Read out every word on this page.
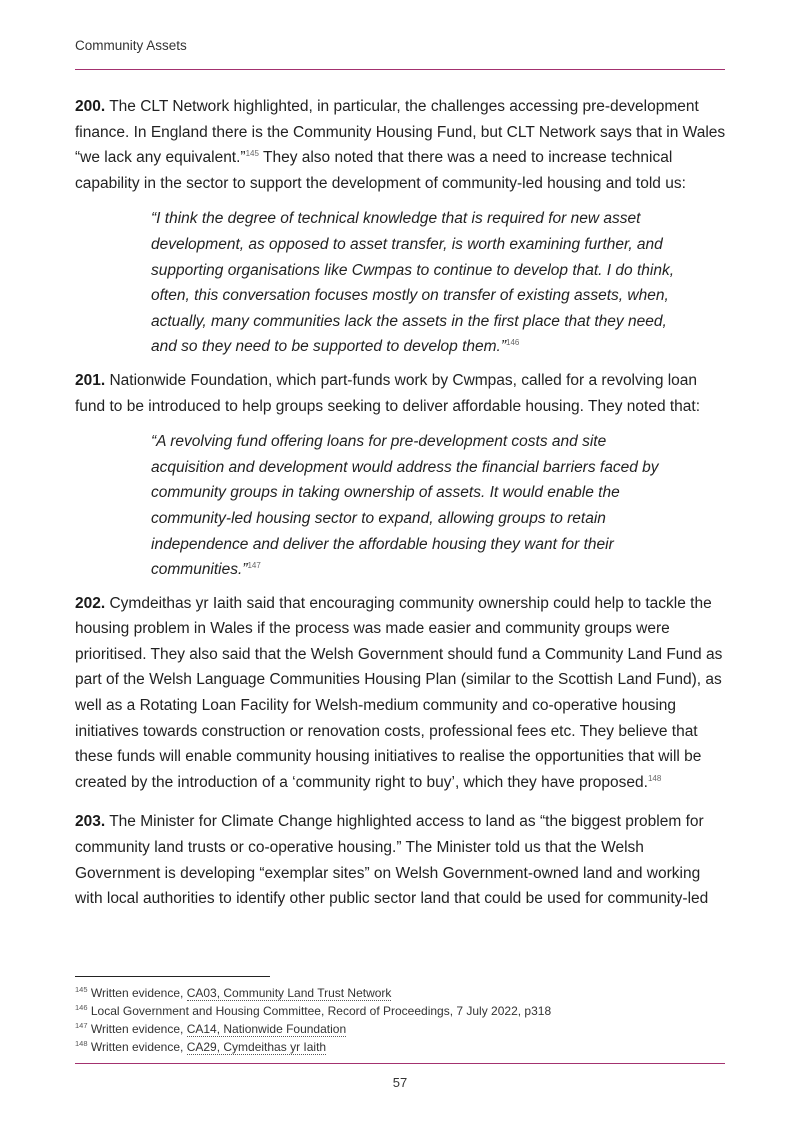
Community Assets

200. The CLT Network highlighted, in particular, the challenges accessing pre-development finance. In England there is the Community Housing Fund, but CLT Network says that in Wales “we lack any equivalent.”$^{145}$ They also noted that there was a need to increase technical capability in the sector to support the development of community-led housing and told us:

“I think the degree of technical knowledge that is required for new asset development, as opposed to asset transfer, is worth examining further, and supporting organisations like Cwmpas to continue to develop that. I do think, often, this conversation focuses mostly on transfer of existing assets, when, actually, many communities lack the assets in the first place that they need, and so they need to be supported to develop them.”$^{146}$

201. Nationwide Foundation, which part-funds work by Cwmpas, called for a revolving loan fund to be introduced to help groups seeking to deliver affordable housing. They noted that:

“A revolving fund offering loans for pre-development costs and site acquisition and development would address the financial barriers faced by community groups in taking ownership of assets. It would enable the community-led housing sector to expand, allowing groups to retain independence and deliver the affordable housing they want for their communities.”$^{147}$

202. Cymdeithas yr Iaith said that encouraging community ownership could help to tackle the housing problem in Wales if the process was made easier and community groups were prioritised. They also said that the Welsh Government should fund a Community Land Fund as part of the Welsh Language Communities Housing Plan (similar to the Scottish Land Fund), as well as a Rotating Loan Facility for Welsh-medium community and co-operative housing initiatives towards construction or renovation costs, professional fees etc. They believe that these funds will enable community housing initiatives to realise the opportunities that will be created by the introduction of a ‘community right to buy’, which they have proposed.$^{148}$

203. The Minister for Climate Change highlighted access to land as “the biggest problem for community land trusts or co-operative housing.” The Minister told us that the Welsh Government is developing “exemplar sites” on Welsh Government-owned land and working with local authorities to identify other public sector land that could be used for community-led

$^{145}$ Written evidence, CA03, Community Land Trust Network
$^{146}$ Local Government and Housing Committee, Record of Proceedings, 7 July 2022, p318
$^{147}$ Written evidence, CA14, Nationwide Foundation
$^{148}$ Written evidence, CA29, Cymdeithas yr Iaith
57
